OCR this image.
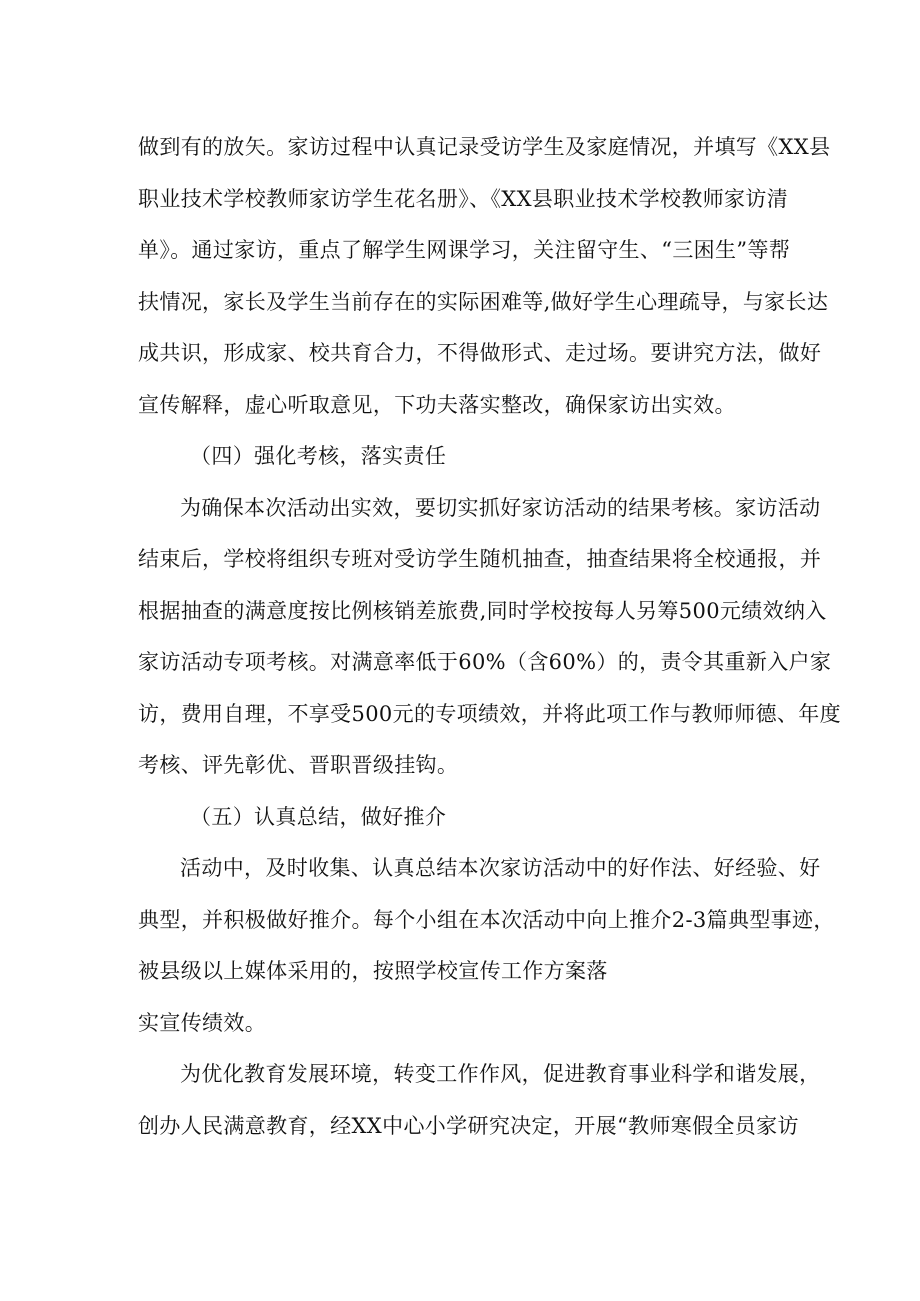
做到有的放矢。家访过程中认真记录受访学生及家庭情况，并填写《XX县
职业技术学校教师家访学生花名册》、《XX县职业技术学校教师家访清
单》。通过家访，重点了解学生网课学习，关注留守生、“三困生”等帮
扶情况，家长及学生当前存在的实际困难等,做好学生心理疏导，与家长达
成共识，形成家、校共育合力，不得做形式、走过场。要讲究方法，做好
宣传解释，虚心听取意见，下功夫落实整改，确保家访出实效。

（四）强化考核，落实责任

为确保本次活动出实效，要切实抓好家访活动的结果考核。家访活动
结束后，学校将组织专班对受访学生随机抽查，抽查结果将全校通报，并
根据抽查的满意度按比例核销差旅费,同时学校按每人另筹500元绩效纳入
家访活动专项考核。对满意率低于60%（含60%）的，责令其重新入户家
访，费用自理，不享受500元的专项绩效，并将此项工作与教师师德、年度
考核、评先彰优、晋职晋级挂钩。

（五）认真总结，做好推介

活动中，及时收集、认真总结本次家访活动中的好作法、好经验、好
典型，并积极做好推介。每个小组在本次活动中向上推介2-3篇典型事迹，
被县级以上媒体采用的，按照学校宣传工作方案落

实宣传绩效。

为优化教育发展环境，转变工作作风，促进教育事业科学和谐发展，
创办人民满意教育，经XX中心小学研究决定，开展“教师寒假全员家访
